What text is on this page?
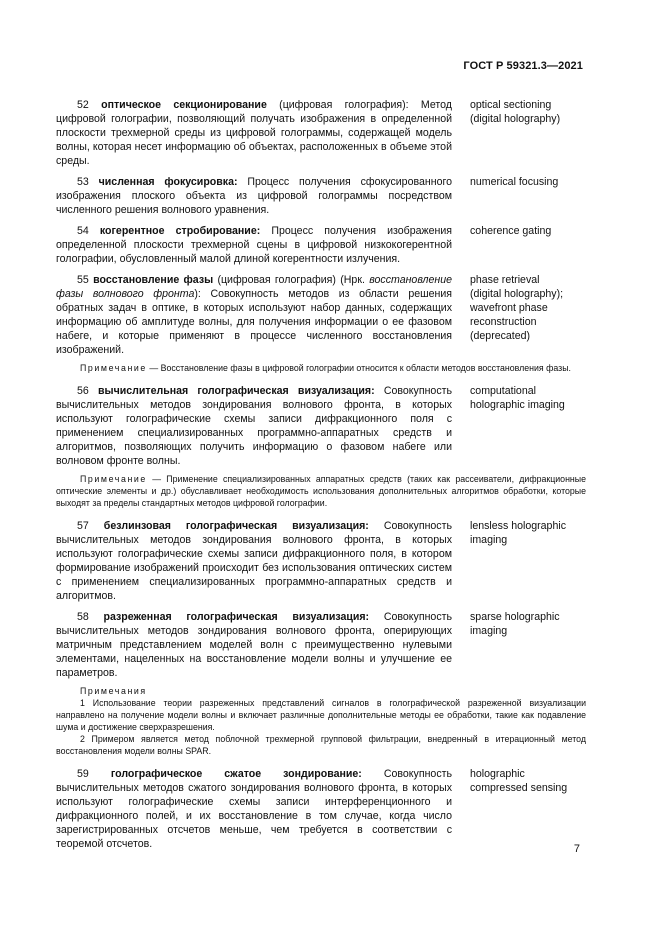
ГОСТ Р 59321.3—2021

52 оптическое секционирование (цифровая голография): Метод цифровой голографии, позволяющий получать изображения в определенной плоскости трехмерной среды из цифровой голограммы, содержащей модель волны, которая несет информацию об объектах, расположенных в объеме этой среды.

optical sectioning
(digital holography)

53 численная фокусировка: Процесс получения сфокусированного изображения плоского объекта из цифровой голограммы посредством численного решения волнового уравнения.

numerical focusing

54 когерентное стробирование: Процесс получения изображения определенной плоскости трехмерной сцены в цифровой низкокогерентной голографии, обусловленный малой длиной когерентности излучения.

coherence gating

55 восстановление фазы (цифровая голография) (Нрк. восстановление фазы волнового фронта): Совокупность методов из области решения обратных задач в оптике, в которых используют набор данных, содержащих информацию об амплитуде волны, для получения информации о ее фазовом набеге, и которые применяют в процессе численного восстановления изображений.

phase retrieval
(digital holography);
wavefront phase
reconstruction
(deprecated)

Примечание — Восстановление фазы в цифровой голографии относится к области методов восстановления фазы.

56 вычислительная голографическая визуализация: Совокупность вычислительных методов зондирования волнового фронта, в которых используют голографические схемы записи дифракционного поля с применением специализированных программно-аппаратных средств и алгоритмов, позволяющих получить информацию о фазовом набеге или волновом фронте волны.

computational
holographic imaging

Примечание — Применение специализированных аппаратных средств (таких как рассеиватели, дифракционные оптические элементы и др.) обуславливает необходимость использования дополнительных алгоритмов обработки, которые выходят за пределы стандартных методов цифровой голографии.

57 безлинзовая голографическая визуализация: Совокупность вычислительных методов зондирования волнового фронта, в которых используют голографические схемы записи дифракционного поля, в котором формирование изображений происходит без использования оптических систем с применением специализированных программно-аппаратных средств и алгоритмов.

lensless holographic
imaging

58 разреженная голографическая визуализация: Совокупность вычислительных методов зондирования волнового фронта, оперирующих матричным представлением моделей волн с преимущественно нулевыми элементами, нацеленных на восстановление модели волны и улучшение ее параметров.

sparse holographic
imaging
Примечания

1 Использование теории разреженных представлений сигналов в голографической разреженной визуализации направлено на получение модели волны и включает различные дополнительные методы ее обработки, такие как подавление шума и достижение сверхразрешения.

2 Примером является метод поблочной трехмерной групповой фильтрации, внедренный в итерационный метод восстановления модели волны SPAR.

59 голографическое сжатое зондирование: Совокупность вычислительных методов сжатого зондирования волнового фронта, в которых используют голографические схемы записи интерференционного и дифракционного полей, и их восстановление в том случае, когда число зарегистрированных отсчетов меньше, чем требуется в соответствии с теоремой отсчетов.

holographic
compressed sensing
7
